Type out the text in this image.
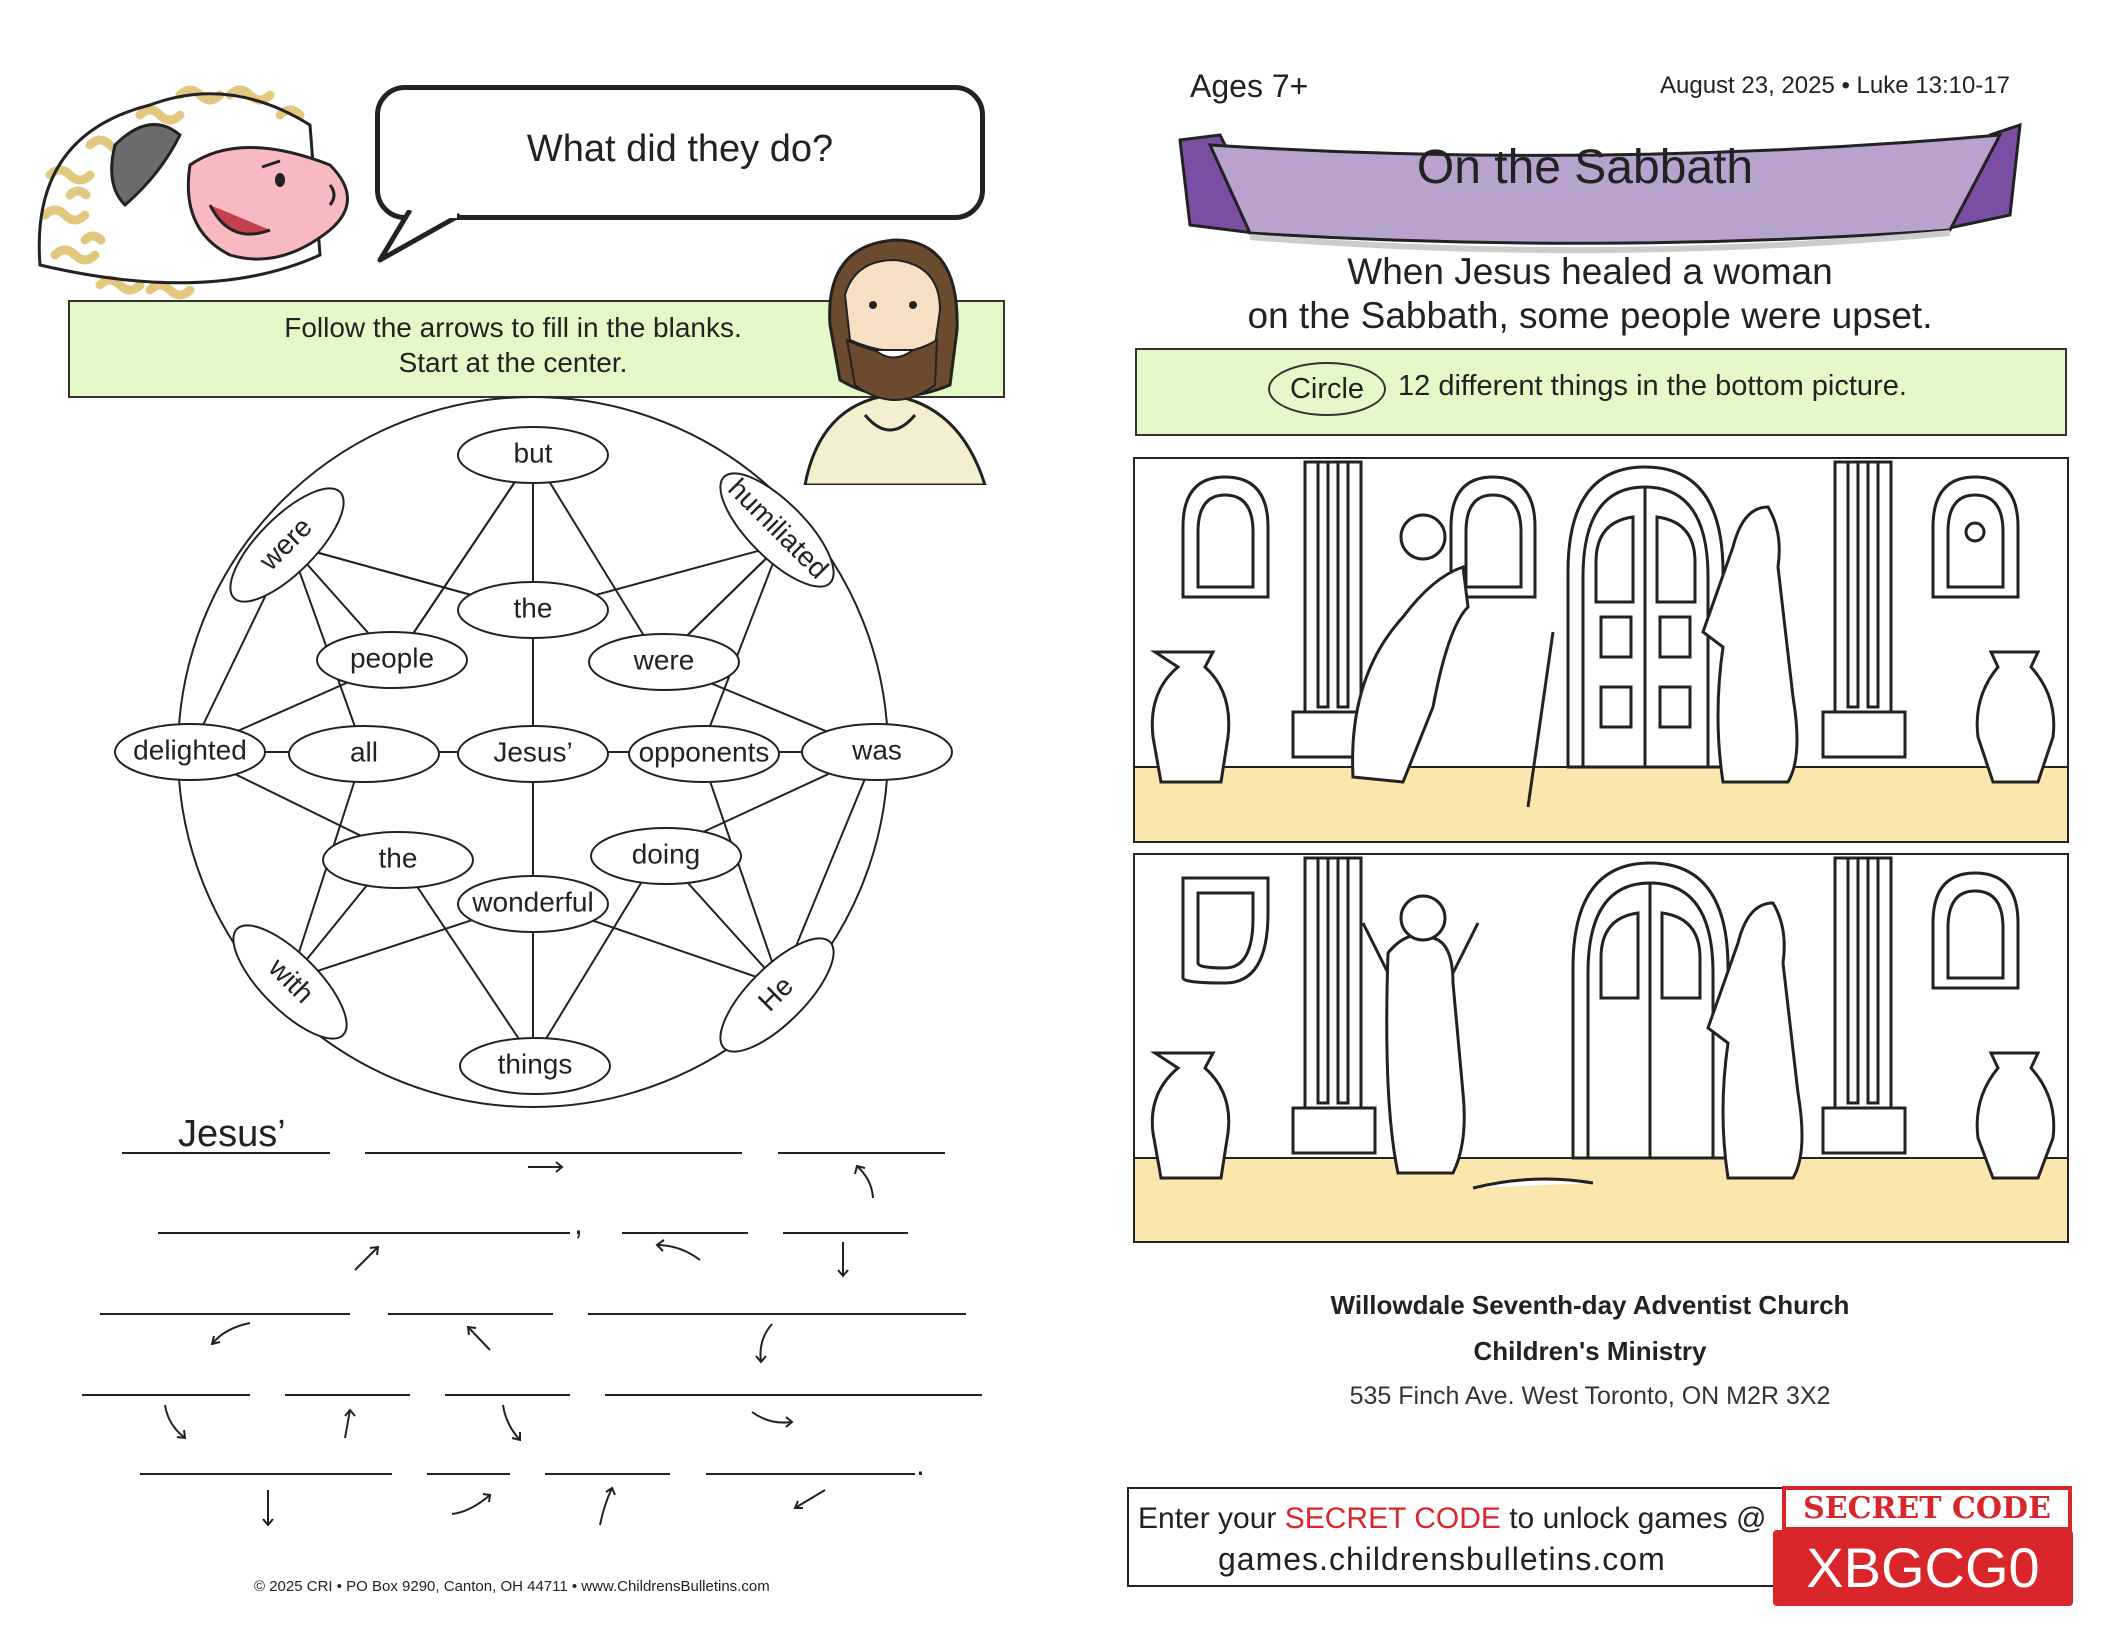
What did they do?
Follow the arrows to fill in the blanks.
Start at the center.
but
humiliated
were
was
delighted
with	He
things
the
people	were
all	Jesus’ opponents
the	doing
wonderful
Jesus’
,
.
© 2025 CRI • PO Box 9290, Canton, OH 44711 • www.ChildrensBulletins.com
Ages 7+	August 23, 2025 • Luke 13:10-17
On the Sabbath
When Jesus healed a woman
on the Sabbath, some people were upset.
Circle	12 different things in the bottom picture.
Willowdale Seventh-day Adventist Church
Children's Ministry
535 Finch Ave. West Toronto, ON M2R 3X2
Enter your SECRET CODE to unlock games @
games.childrensbulletins.com
SECRET CODE
XBGCG0
